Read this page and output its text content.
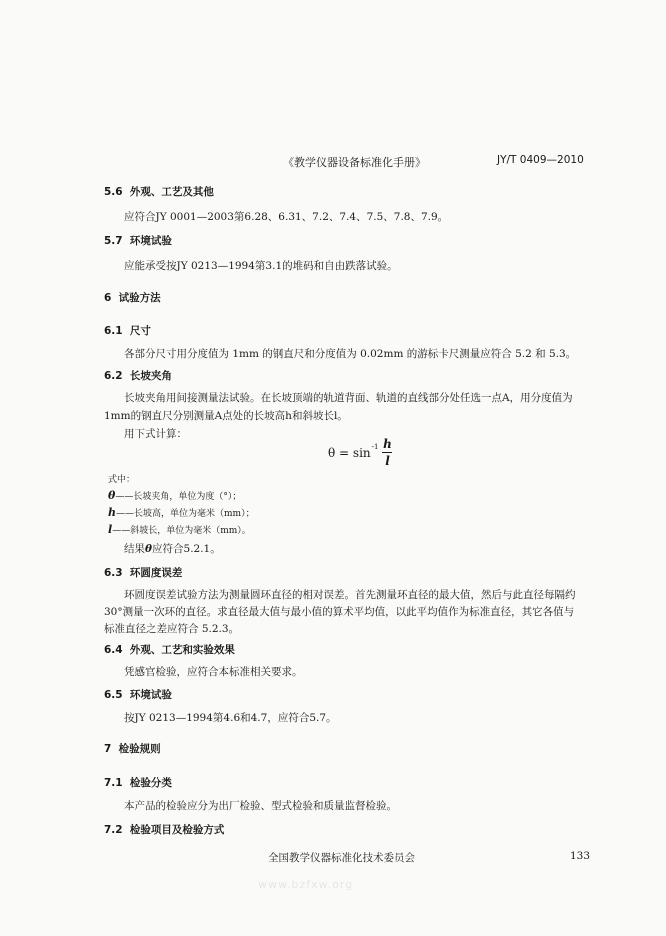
《教学仪器设备标准化手册》	JY/T 0409—2010
5.6 外观、工艺及其他
应符合JY 0001—2003第6.28、6.31、7.2、7.4、7.5、7.8、7.9。
5.7 环境试验
应能承受按JY 0213—1994第3.1的堆码和自由跌落试验。
6 试验方法
6.1 尺寸
各部分尺寸用分度值为 1mm 的钢直尺和分度值为 0.02mm 的游标卡尺测量应符合 5.2 和 5.3。
6.2 长坡夹角
长坡夹角用间接测量法试验。在长坡顶端的轨道背面、轨道的直线部分处任选一点A，用分度值为
1mm的钢直尺分别测量A点处的长坡高h和斜坡长l。
用下式计算：
θ = sin -1 h
l
式中：
θ——长坡夹角，单位为度（°）；
h——长坡高，单位为毫米（mm）；
l——斜坡长，单位为毫米（mm）。
结果θ应符合5.2.1。
6.3 环圆度误差
环圆度误差试验方法为测量圆环直径的相对误差。首先测量环直径的最大值，然后与此直径每隔约
30°测量一次环的直径。求直径最大值与最小值的算术平均值，以此平均值作为标准直径，其它各值与
标准直径之差应符合 5.2.3。
6.4 外观、工艺和实验效果
凭感官检验，应符合本标准相关要求。
6.5 环境试验
按JY 0213—1994第4.6和4.7，应符合5.7。
7 检验规则
7.1 检验分类
本产品的检验应分为出厂检验、型式检验和质量监督检验。
7.2 检验项目及检验方式
全国教学仪器标准化技术委员会	133
www.bzfxw.org
